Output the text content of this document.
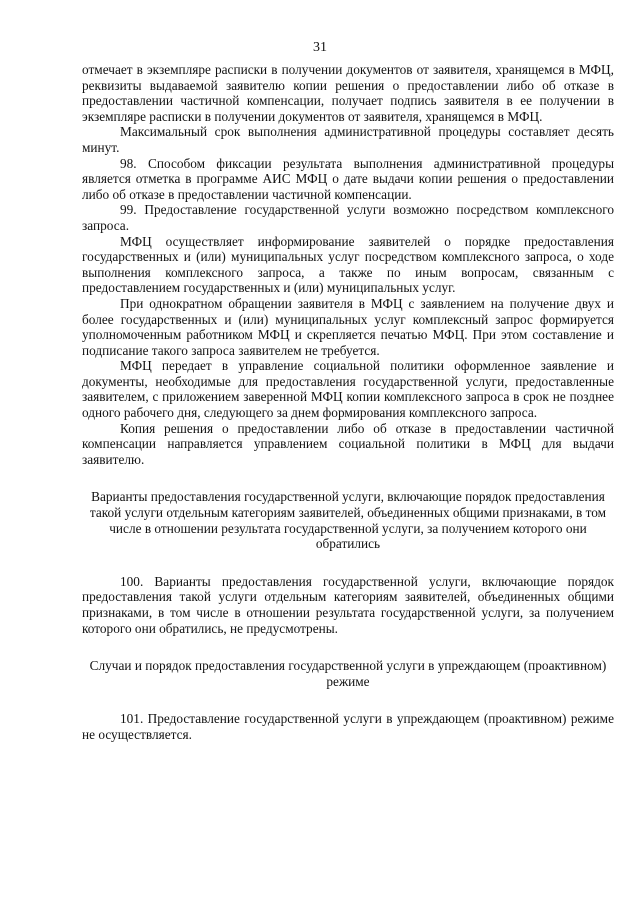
31

отмечает в экземпляре расписки в получении документов от заявителя, хранящемся в МФЦ, реквизиты выдаваемой заявителю копии решения о предоставлении либо об отказе в предоставлении частичной компенсации, получает подпись заявителя в ее получении в экземпляре расписки в получении документов от заявителя, хранящемся в МФЦ.

Максимальный срок выполнения административной процедуры составляет десять минут.

98. Способом фиксации результата выполнения административной процедуры является отметка в программе АИС МФЦ о дате выдачи копии решения о предоставлении либо об отказе в предоставлении частичной компенсации.

99. Предоставление государственной услуги возможно посредством комплексного запроса.

МФЦ осуществляет информирование заявителей о порядке предоставления государственных и (или) муниципальных услуг посредством комплексного запроса, о ходе выполнения комплексного запроса, а также по иным вопросам, связанным с предоставлением государственных и (или) муниципальных услуг.

При однократном обращении заявителя в МФЦ с заявлением на получение двух и более государственных и (или) муниципальных услуг комплексный запрос формируется уполномоченным работником МФЦ и скрепляется печатью МФЦ. При этом составление и подписание такого запроса заявителем не требуется.

МФЦ передает в управление социальной политики оформленное заявление и документы, необходимые для предоставления государственной услуги, предоставленные заявителем, с приложением заверенной МФЦ копии комплексного запроса в срок не позднее одного рабочего дня, следующего за днем формирования комплексного запроса.

Копия решения о предоставлении либо об отказе в предоставлении частичной компенсации направляется управлением социальной политики в МФЦ для выдачи заявителю.

Варианты предоставления государственной услуги, включающие порядок предоставления такой услуги отдельным категориям заявителей, объединенных общими признаками, в том числе в отношении результата государственной услуги, за получением которого они обратились

100. Варианты предоставления государственной услуги, включающие порядок предоставления такой услуги отдельным категориям заявителей, объединенных общими признаками, в том числе в отношении результата государственной услуги, за получением которого они обратились, не предусмотрены.

Случаи и порядок предоставления государственной услуги в упреждающем (проактивном) режиме

101. Предоставление государственной услуги в упреждающем (проактивном) режиме не осуществляется.
